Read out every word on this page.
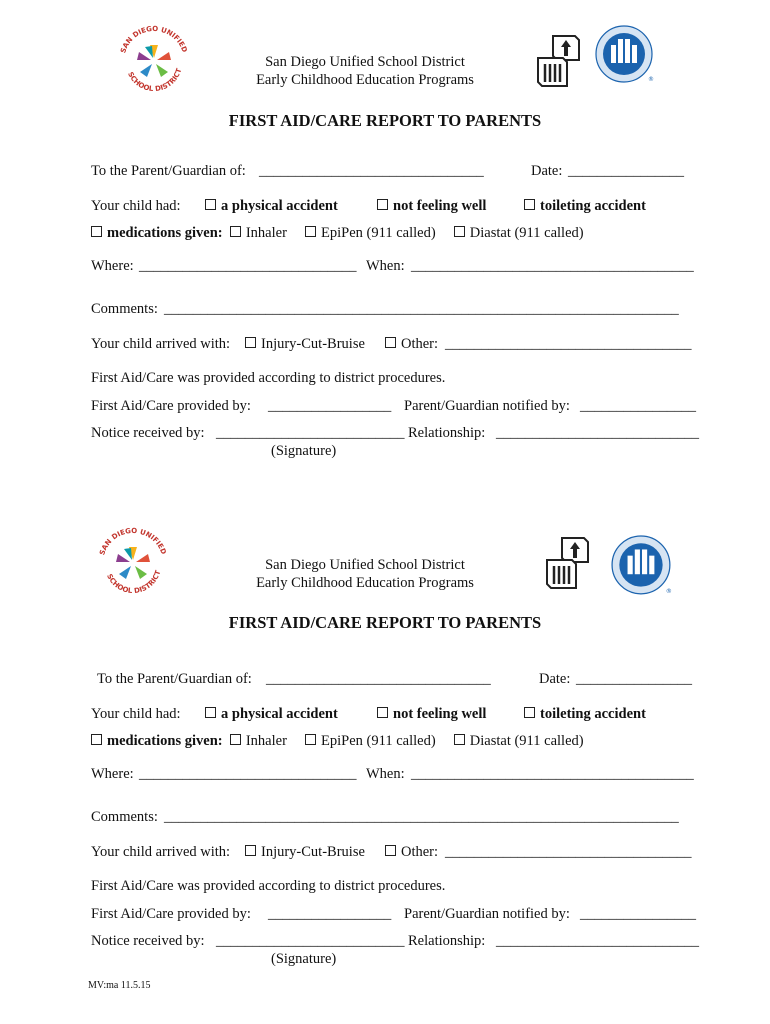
SAN DIEGO UNIFIED
SCHOOL DISTRICT
San Diego Unified School District
Early Childhood Education Programs	®
FIRST AID/CARE REPORT TO PARENTS
To the Parent/Guardian of: _______________________________	Date: ________________
Your child had:	a physical accident	not feeling well	toileting accident
medications given: Inhaler EpiPen (911 called) Diastat (911 called)
Where: ______________________________ When: _______________________________________
Comments: _______________________________________________________________________
Your child arrived with:	Injury-Cut-Bruise	Other: __________________________________
First Aid/Care was provided according to district procedures.
First Aid/Care provided by: _________________ Parent/Guardian notified by: ________________
Notice received by: __________________________ Relationship: ____________________________
(Signature)
SAN DIEGO UNIFIED
SCHOOL DISTRICT	San Diego Unified School District
Early Childhood Education Programs
®
FIRST AID/CARE REPORT TO PARENTS
To the Parent/Guardian of: _______________________________	Date: ________________
Your child had:	a physical accident	not feeling well	toileting accident
medications given: Inhaler EpiPen (911 called) Diastat (911 called)
Where: ______________________________ When: _______________________________________
Comments: _______________________________________________________________________
Your child arrived with:	Injury-Cut-Bruise	Other: __________________________________
First Aid/Care was provided according to district procedures.
First Aid/Care provided by: _________________ Parent/Guardian notified by: ________________
Notice received by: __________________________ Relationship: ____________________________
(Signature)
MV:ma 11.5.15
